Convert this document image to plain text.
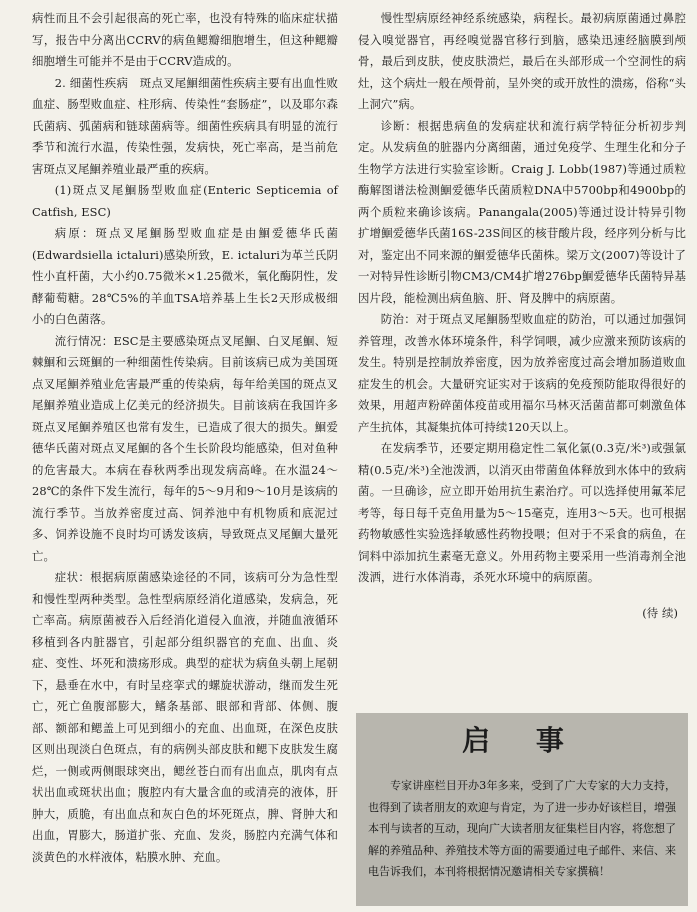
病性而且不会引起很高的死亡率，也没有特殊的临床症状描写，报告中分离出CCRV的病鱼鳃瓣细胞增生，但这种鳃瓣细胞增生可能并不是由于CCRV造成的。

2. 细菌性疾病　 斑点叉尾鮰细菌性疾病主要有出血性败血症、肠型败血症、柱形病、传染性“套肠症”，以及耶尔森氏菌病、弧菌病和链球菌病等。细菌性疾病具有明显的流行季节和流行水温，传染性强，发病快，死亡率高，是当前危害斑点叉尾鮰养殖业最严重的疾病。

(1)斑点叉尾鮰肠型败血症(Enteric Septicemia of Catfish, ESC)

病原：斑点叉尾鮰肠型败血症是由鮰爱德华氏菌(Edwardsiella ictaluri)感染所致，E. ictaluri为革兰氏阴性小直杆菌，大小约0.75微米×1.25微米，氧化酶阴性，发酵葡萄糖。28℃5%的羊血TSA培养基上生长2天形成极细小的白色菌落。

流行情况：ESC是主要感染斑点叉尾鮰、白叉尾鮰、短棘鮰和云斑鮰的一种细菌性传染病。目前该病已成为美国斑点叉尾鮰养殖业危害最严重的传染病，每年给美国的斑点叉尾鮰养殖业造成上亿美元的经济损失。目前该病在我国许多斑点叉尾鮰养殖区也常有发生，已造成了很大的损失。鮰爱德华氏菌对斑点叉尾鮰的各个生长阶段均能感染，但对鱼种的危害最大。本病在春秋两季出现发病高峰。在水温24～28℃的条件下发生流行，每年的5～9月和9～10月是该病的流行季节。当放养密度过高、饲养池中有机物质和底泥过多、饲养设施不良时均可诱发该病，导致斑点叉尾鮰大量死亡。

症状：根据病原菌感染途径的不同，该病可分为急性型和慢性型两种类型。急性型病原经消化道感染，发病急，死亡率高。病原菌被吞入后经消化道侵入血液，并随血液循环移植到各内脏器官，引起部分组织器官的充血、出血、炎症、变性、坏死和溃疡形成。典型的症状为病鱼头朝上尾朝下，悬垂在水中，有时呈痉挛式的螺旋状游动，继而发生死亡，死亡鱼腹部膨大，鳍条基部、眼部和背部、体侧、腹部、额部和鳃盖上可见到细小的充血、出血斑，在深色皮肤区则出现淡白色斑点，有的病例头部皮肤和鳃下皮肤发生腐烂，一侧或两侧眼球突出，鳃丝苍白而有出血点，肌肉有点状出血或斑状出血；腹腔内有大量含血的或清亮的液体，肝肿大，质脆，有出血点和灰白色的坏死斑点，脾、肾肿大和出血，胃膨大，肠道扩张、充血、发炎，肠腔内充满气体和淡黄色的水样液体，粘膜水肿、充血。

慢性型病原经神经系统感染，病程长。最初病原菌通过鼻腔侵入嗅觉器官，再经嗅觉器官移行到脑，感染迅速经脑膜到颅骨，最后到皮肤，使皮肤溃烂，最后在头部形成一个空洞性的病灶，这个病灶一般在颅骨前，呈外突的或开放性的溃疡，俗称“头上洞穴”病。

诊断：根据患病鱼的发病症状和流行病学特征分析初步判定。从发病鱼的脏器内分离细菌，通过免疫学、生理生化和分子生物学方法进行实验室诊断。Craig J. Lobb(1987)等通过质粒酶解图谱法检测鮰爱德华氏菌质粒DNA中5700bp和4900bp的两个质粒来确诊该病。Panangala(2005)等通过设计特异引物扩增鮰爱德华氏菌16S-23S间区的核苷酸片段，经序列分析与比对，鉴定出不同来源的鮰爱德华氏菌株。梁万文(2007)等设计了一对特异性诊断引物CM3/CM4扩增276bp鮰爱德华氏菌特异基因片段，能检测出病鱼脑、肝、肾及脾中的病原菌。

防治：对于斑点叉尾鮰肠型败血症的防治，可以通过加强饲养管理，改善水体环境条件，科学饲喂，减少应激来预防该病的发生。特别是控制放养密度，因为放养密度过高会增加肠道败血症发生的机会。大量研究证实对于该病的免疫预防能取得很好的效果，用超声粉碎菌体疫苗或用福尔马林灭活菌苗都可刺激鱼体产生抗体，其凝集抗体可持续120天以上。

在发病季节，还要定期用稳定性二氧化氯(0.3克/米³)或强氯精(0.5克/米³)全池泼洒，以消灭由带菌鱼体释放到水体中的致病菌。一旦确诊，应立即开始用抗生素治疗。可以选择使用氟苯尼考等，每日每千克鱼用量为5～15毫克，连用3～5天。也可根据药物敏感性实验选择敏感性药物投喂；但对于不采食的病鱼，在饲料中添加抗生素毫无意义。外用药物主要采用一些消毒剂全池泼洒，进行水体消毒，杀死水环境中的病原菌。

(待 续)
启 事
专家讲座栏目开办3年多来，受到了广大专家的大力支持，也得到了读者朋友的欢迎与肯定，为了进一步办好该栏目，增强本刊与读者的互动，现向广大读者朋友征集栏目内容，将您想了解的养殖品种、养殖技术等方面的需要通过电子邮件、来信、来电告诉我们，本刊将根据情况邀请相关专家撰稿！
